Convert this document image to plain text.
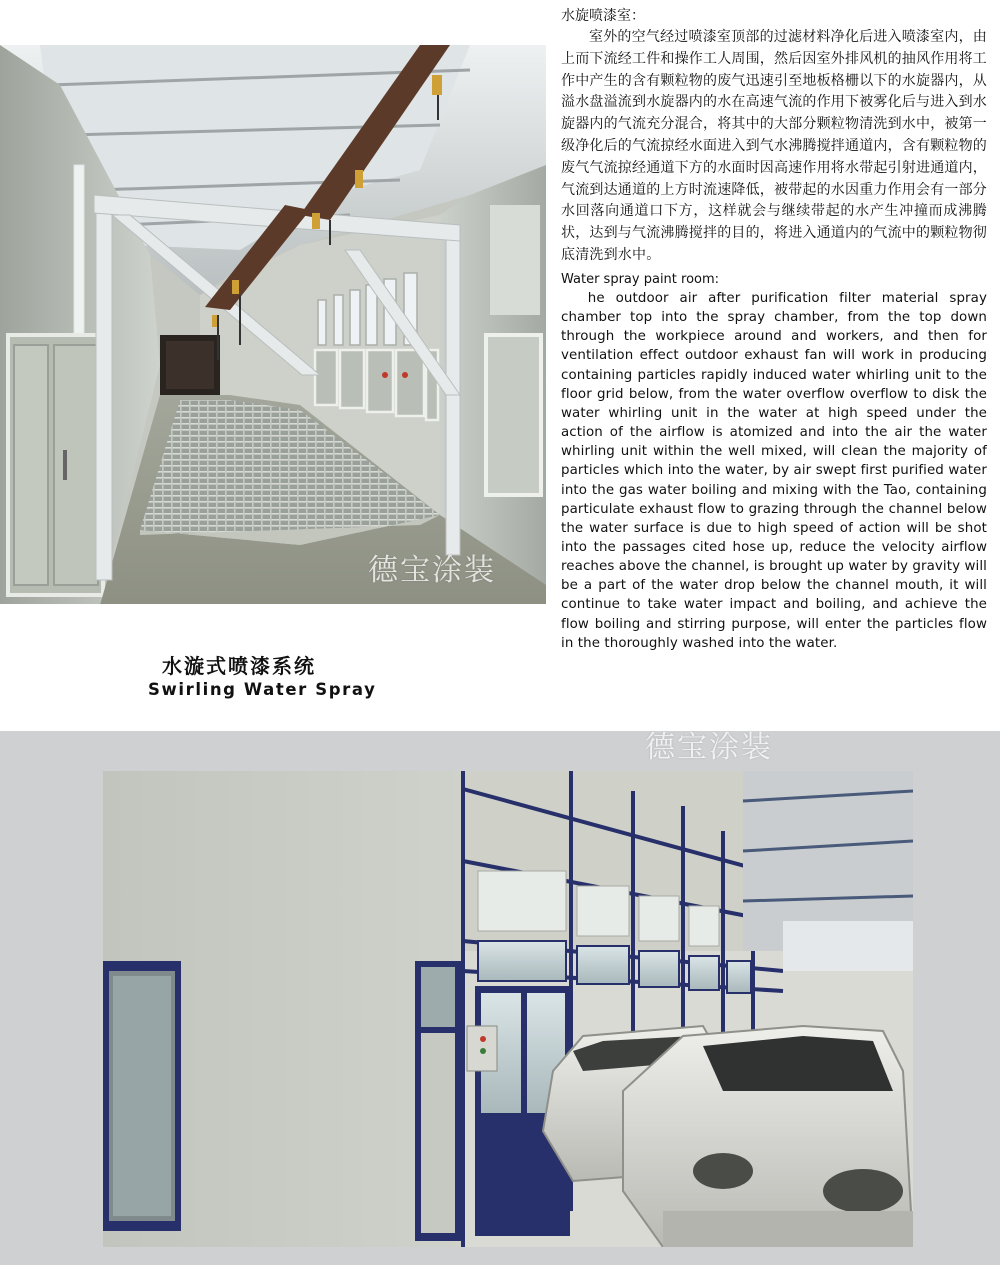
德宝涂装
水漩式喷漆系统
Swirling Water Spray
水旋喷漆室：
室外的空气经过喷漆室顶部的过滤材料净化后进入喷漆室内，由上而下流经工件和操作工人周围，然后因室外排风机的抽风作用将工作中产生的含有颗粒物的废气迅速引至地板格栅以下的水旋器内，从溢水盘溢流到水旋器内的水在高速气流的作用下被雾化后与进入到水旋器内的气流充分混合，将其中的大部分颗粒物清洗到水中，被第一级净化后的气流掠经水面进入到气水沸腾搅拌通道内，含有颗粒物的废气气流掠经通道下方的水面时因高速作用将水带起引射进通道内，气流到达通道的上方时流速降低，被带起的水因重力作用会有一部分水回落向通道口下方，这样就会与继续带起的水产生冲撞而成沸腾状，达到与气流沸腾搅拌的目的，将进入通道内的气流中的颗粒物彻底清洗到水中。
Water spray paint room:
he outdoor air after purification filter material spray chamber top into the spray chamber, from the top down through the workpiece around and workers, and then for ventilation effect outdoor exhaust fan will work in producing containing particles rapidly induced water whirling unit to the floor grid below, from the water overflow overflow to disk the water whirling unit in the water at high speed under the action of the airflow is atomized and into the air the water whirling unit within the well mixed, will clean the majority of particles which into the water, by air swept first purified water into the gas water boiling and mixing with the Tao, containing particulate exhaust flow to grazing through the channel below the water surface is due to high speed of action will be shot into the passages cited hose up, reduce the velocity airflow reaches above the channel, is brought up water by gravity will be a part of the water drop below the channel mouth, it will continue to take water impact and boiling, and achieve the flow boiling and stirring purpose, will enter the particles flow in the thoroughly washed into the water.
德宝涂装
